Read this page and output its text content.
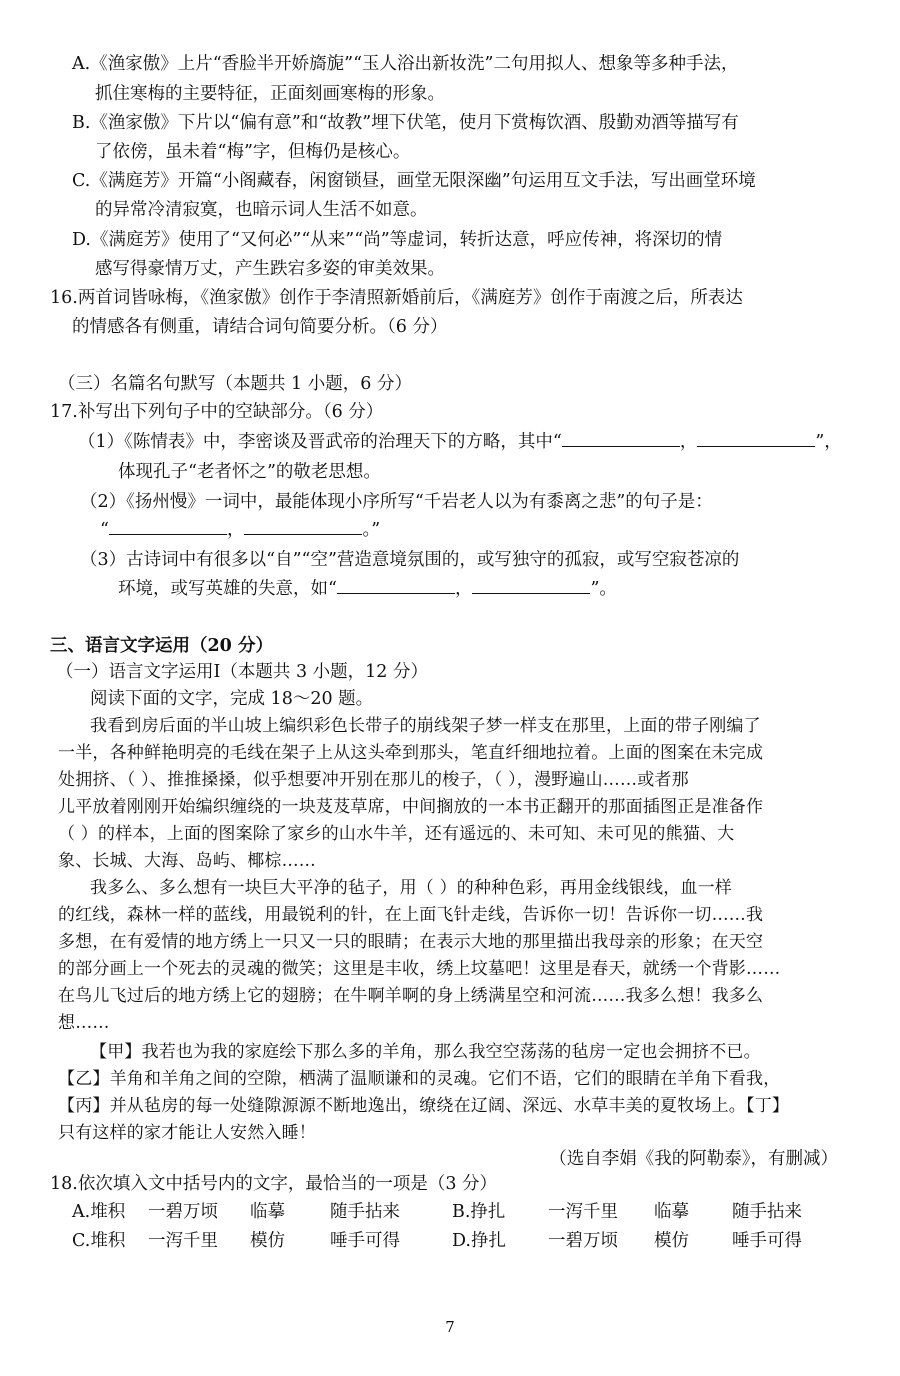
A.《渔家傲》上片“香脸半开娇旖旎”“玉人浴出新妆洗”二句用拟人、想象等多种手法，
抓住寒梅的主要特征，正面刻画寒梅的形象。
B.《渔家傲》下片以“偏有意”和“故教”埋下伏笔，使月下赏梅饮酒、殷勤劝酒等描写有
了依傍，虽未着“梅”字，但梅仍是核心。
C.《满庭芳》开篇“小阁藏春，闲窗锁昼，画堂无限深幽”句运用互文手法，写出画堂环境
的异常冷清寂寞，也暗示词人生活不如意。
D.《满庭芳》使用了“又何必”“从来”“尚”等虚词，转折达意，呼应传神，将深切的情
感写得豪情万丈，产生跌宕多姿的审美效果。
16.两首词皆咏梅，《渔家傲》创作于李清照新婚前后，《满庭芳》创作于南渡之后，所表达
的情感各有侧重，请结合词句简要分析。（6 分）
（三）名篇名句默写（本题共 1 小题，6 分）
17.补写出下列句子中的空缺部分。（6 分）
（1）《陈情表》中，李密谈及晋武帝的治理天下的方略，其中“	，	”，
体现孔子“老者怀之”的敬老思想。
（2）《扬州慢》一词中，最能体现小序所写“千岩老人以为有黍离之悲”的句子是：
“	，	。”
（3）古诗词中有很多以“自”“空”营造意境氛围的，或写独守的孤寂，或写空寂苍凉的
环境，或写英雄的失意，如“	，	”。
三、语言文字运用（20 分）
（一）语言文字运用Ⅰ（本题共 3 小题，12 分）
阅读下面的文字，完成 18～20 题。
我看到房后面的半山坡上编织彩色长带子的崩线架子梦一样支在那里，上面的带子刚编了
一半，各种鲜艳明亮的毛线在架子上从这头牵到那头，笔直纤细地拉着。上面的图案在未完成
处拥挤、（ ）、推推搡搡，似乎想要冲开别在那儿的梭子，（ ），漫野遍山……或者那
儿平放着刚刚开始编织缠绕的一块芨芨草席，中间搁放的一本书正翻开的那面插图正是准备作
（ ）的样本，上面的图案除了家乡的山水牛羊，还有遥远的、未可知、未可见的熊猫、大
象、长城、大海、岛屿、椰棕……
我多么、多么想有一块巨大平净的毡子，用（ ）的种种色彩，再用金线银线，血一样
的红线，森林一样的蓝线，用最锐利的针，在上面飞针走线，告诉你一切！告诉你一切……我
多想，在有爱情的地方绣上一只又一只的眼睛；在表示大地的那里描出我母亲的形象；在天空
的部分画上一个死去的灵魂的微笑；这里是丰收，绣上坟墓吧！这里是春天，就绣一个背影……
在鸟儿飞过后的地方绣上它的翅膀；在牛啊羊啊的身上绣满星空和河流……我多么想！我多么
想……
【甲】我若也为我的家庭绘下那么多的羊角，那么我空空荡荡的毡房一定也会拥挤不已。
【乙】羊角和羊角之间的空隙，栖满了温顺谦和的灵魂。它们不语，它们的眼睛在羊角下看我，
【丙】并从毡房的每一处缝隙源源不断地逸出，缭绕在辽阔、深远、水草丰美的夏牧场上。【丁】
只有这样的家才能让人安然入睡！
（选自李娟《我的阿勒泰》，有删减）
18.依次填入文中括号内的文字，最恰当的一项是（3 分）
A.堆积 一碧万顷 临摹	随手拈来	B.挣扎 一泻千里 临摹 随手拈来
C.堆积 一泻千里 模仿	唾手可得	D.挣扎 一碧万顷 模仿 唾手可得
7
